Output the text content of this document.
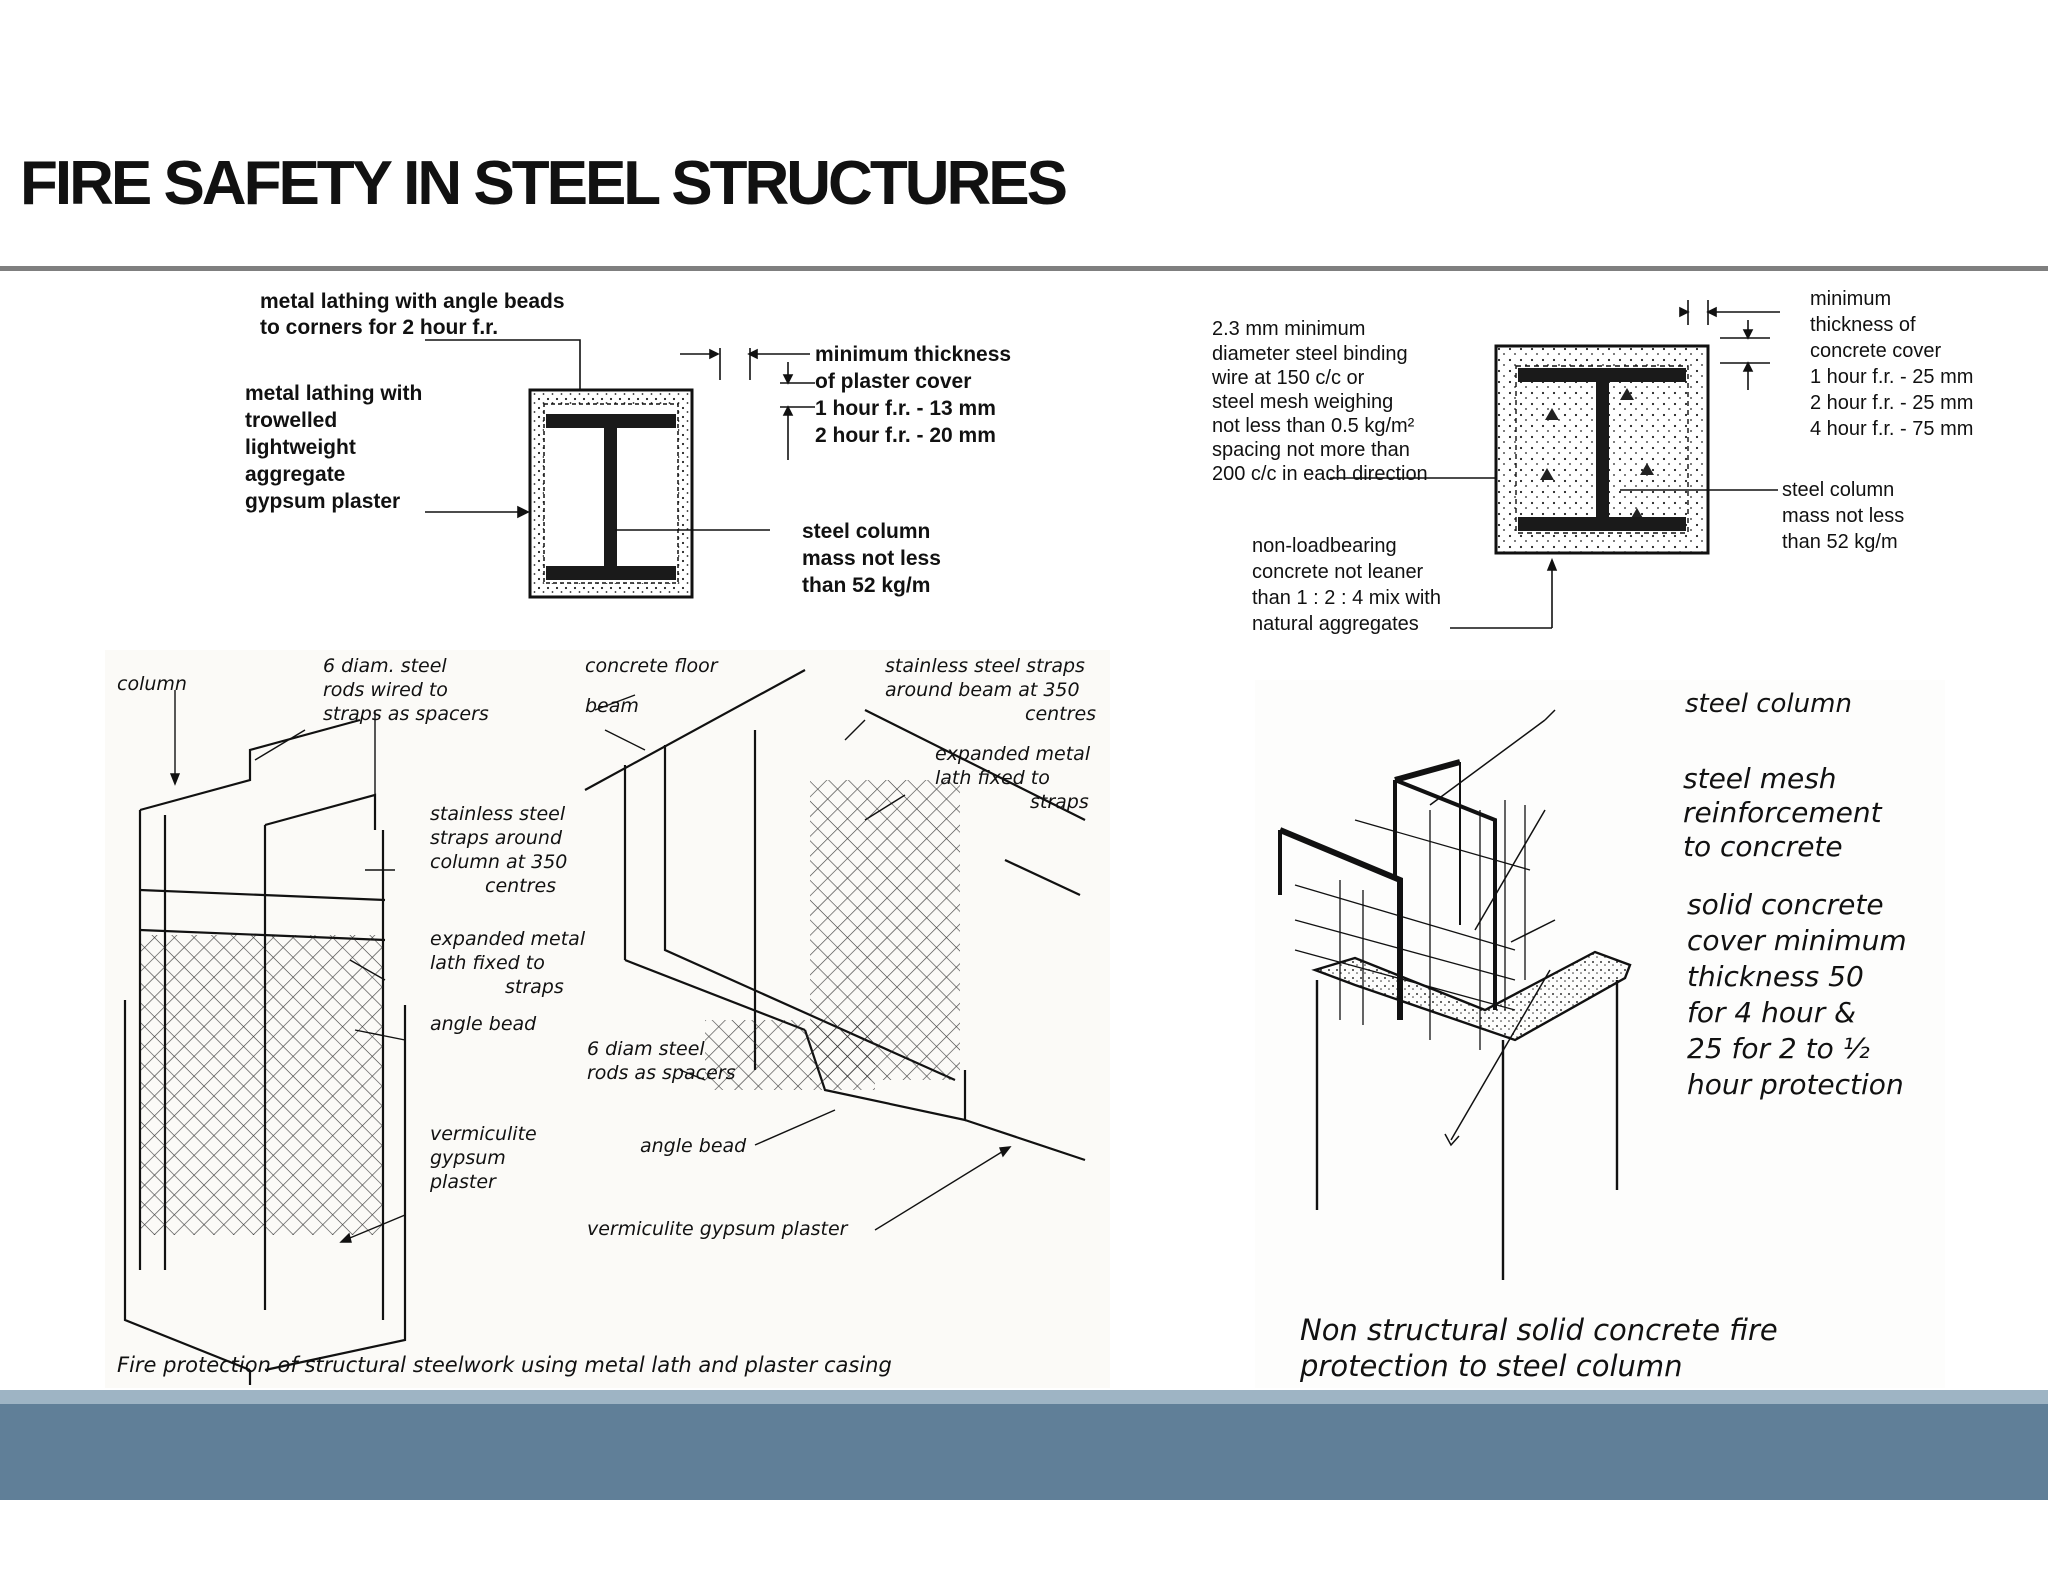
FIRE SAFETY IN STEEL STRUCTURES
metal lathing with angle beads
to corners for 2 hour f.r.
metal lathing with
trowelled
lightweight
aggregate
gypsum plaster
minimum thickness
of plaster cover
1 hour f.r. - 13 mm
2 hour f.r. - 20 mm
steel column
mass not less
than 52 kg/m
2.3 mm minimum
diameter steel binding
wire at 150 c/c or
steel mesh weighing
not less than 0.5 kg/m²
spacing not more than
200 c/c in each direction
minimum
thickness of
concrete cover
1 hour f.r. - 25 mm
2 hour f.r. - 25 mm
4 hour f.r. - 75 mm
steel column
mass not less
than 52 kg/m
non-loadbearing
concrete not leaner
than 1 : 2 : 4 mix with
natural aggregates
column
6 diam. steel
rods wired to
straps as spacers
stainless steel
straps around
column at 350
centres
expanded metal
lath fixed to
straps
angle bead
vermiculite
gypsum
plaster
concrete floor
beam
stainless steel straps
around beam at 350
centres
expanded metal
lath fixed to
straps
6 diam steel
rods as spacers
angle bead
vermiculite gypsum plaster
Fire protection of structural steelwork using metal lath and plaster casing
steel column
steel mesh
reinforcement
to concrete
solid concrete
cover minimum
thickness 50
for 4 hour &
25 for 2 to ½
hour protection
Non structural solid concrete fire
protection to steel column
